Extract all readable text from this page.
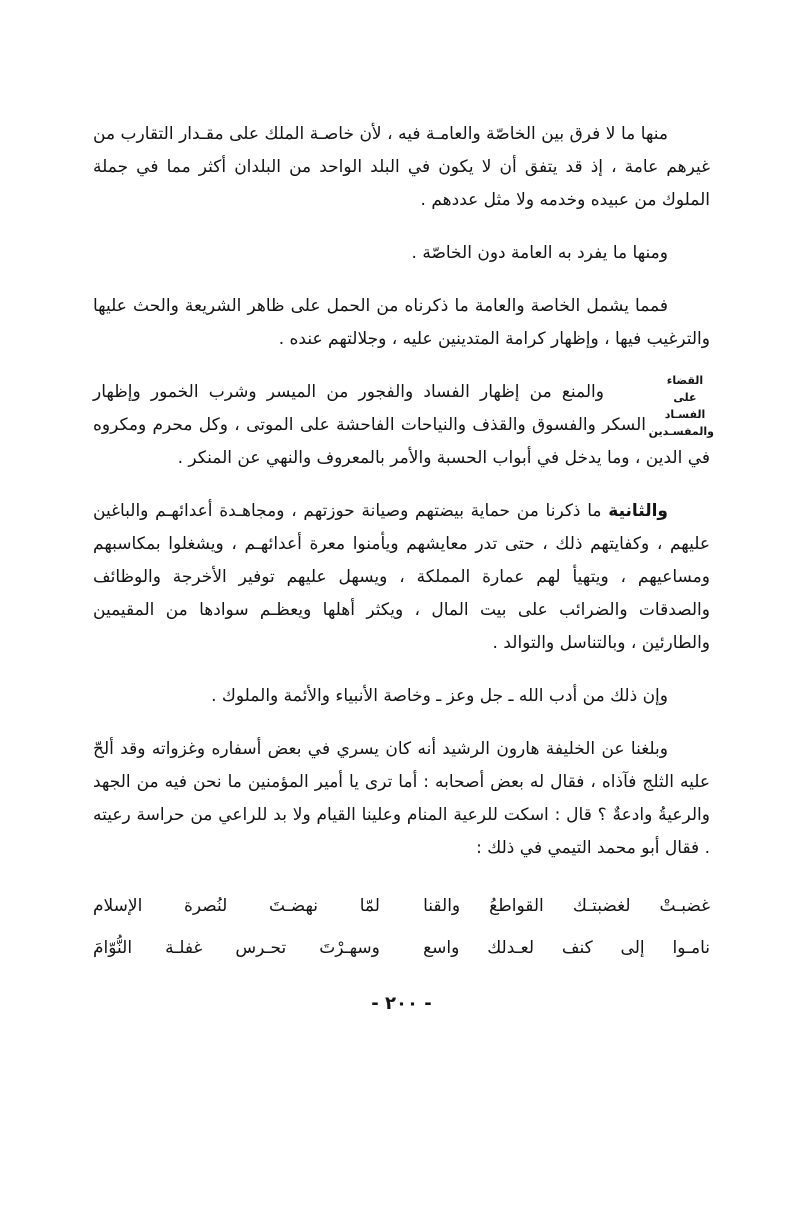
منها ما لا فرق بين الخاصّة والعامـة فيه ، لأن خاصـة الملك على مقـدار التقارب من غيرهم عامة ، إذ قد يتفق أن لا يكون في البلد الواحد من البلدان أكثر مما في جملة الملوك من عبيده وخدمه ولا مثل عددهم .

ومنها ما يفرد به العامة دون الخاصّة .

فمما يشمل الخاصة والعامة ما ذكرناه من الحمل على ظاهر الشريعة والحث عليها والترغيب فيها ، وإظهار كرامة المتدينين عليه ، وجلالتهم عنده .

القضاء
على
الفسـاد
والمفسـدين

والمنع من إظهار الفساد والفجور من الميسر وشرب الخمور وإظهار السكر والفسوق والقذف والنياحات الفاحشة على الموتى ، وكل محرم ومكروه في الدين ، وما يدخل في أبواب الحسبة والأمر بالمعروف والنهي عن المنكر .

والثانية ما ذكرنا من حماية بيضتهم وصيانة حوزتهم ، ومجاهـدة أعدائهـم والباغين عليهم ، وكفايتهم ذلك ، حتى تدر معايشهم ويأمنوا معرة أعدائهـم ، ويشغلوا بمكاسبهم ومساعيهم ، ويتهيأ لهم عمارة المملكة ، ويسهل عليهم توفير الأخرجة والوظائف والصدقات والضرائب على بيت المال ، ويكثر أهلها ويعظـم سوادها من المقيمين والطارئين ، وبالتناسل والتوالد .

وإن ذلك من أدب الله ـ جل وعز ـ وخاصة الأنبياء والأئمة والملوك .

وبلغنا عن الخليفة هارون الرشيد أنه كان يسري في بعض أسفاره وغزواته وقد ألحّ عليه الثلج فآذاه ، فقال له بعض أصحابه : أما ترى يا أمير المؤمنين ما نحن فيه من الجهد والرعيةُ وادعةٌ ؟ قال : اسكت للرعية المنام وعلينا القيام ولا بد للراعي من حراسة رعيته . فقال أبو محمد التيمي في ذلك :

غضبـتْ لغضبتـك القواطعُ والقنا
لمّا نهضـتَ لنُصرة الإسلام
نامـوا إلى كنف لعـدلك واسع
وسهـرْتَ تحـرس غفلـة النُّوّامَ
- ٢٠٠ -
